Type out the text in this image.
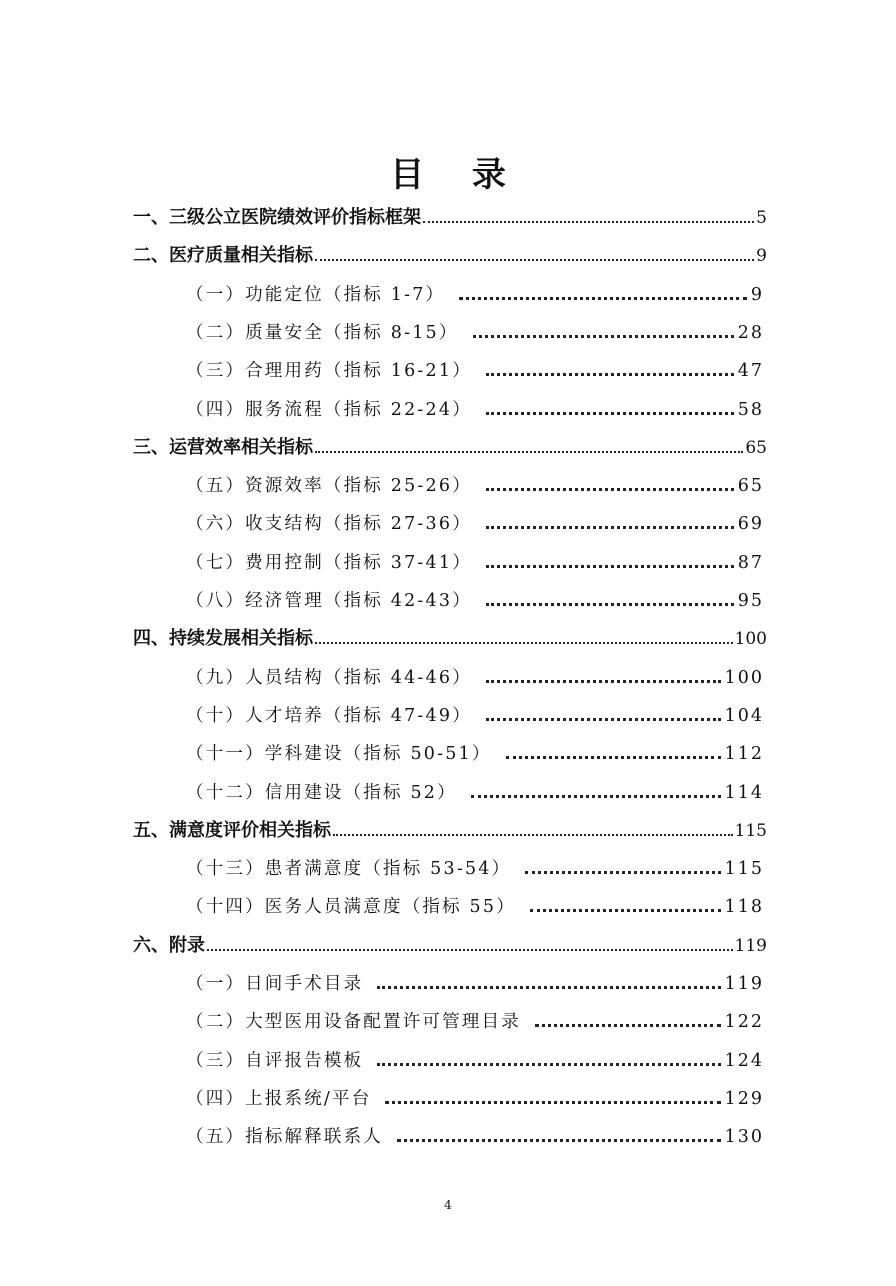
目 录
一、三级公立医院绩效评价指标框架	5
二、医疗质量相关指标	9
（一）功能定位（指标 1-7）	9
（二）质量安全（指标 8-15）	28
（三）合理用药（指标 16-21）	47
（四）服务流程（指标 22-24）	58
三、运营效率相关指标	65
（五）资源效率（指标 25-26）	65
（六）收支结构（指标 27-36）	69
（七）费用控制（指标 37-41）	87
（八）经济管理（指标 42-43）	95
四、持续发展相关指标	100
（九）人员结构（指标 44-46）	100
（十）人才培养（指标 47-49）	104
（十一）学科建设（指标 50-51）	112
（十二）信用建设（指标 52）	114
五、满意度评价相关指标	115
（十三）患者满意度（指标 53-54）	115
（十四）医务人员满意度（指标 55）	118
六、附录	119
（一）日间手术目录	119
（二）大型医用设备配置许可管理目录	122
（三）自评报告模板	124
（四）上报系统/平台	129
（五）指标解释联系人	130
4
